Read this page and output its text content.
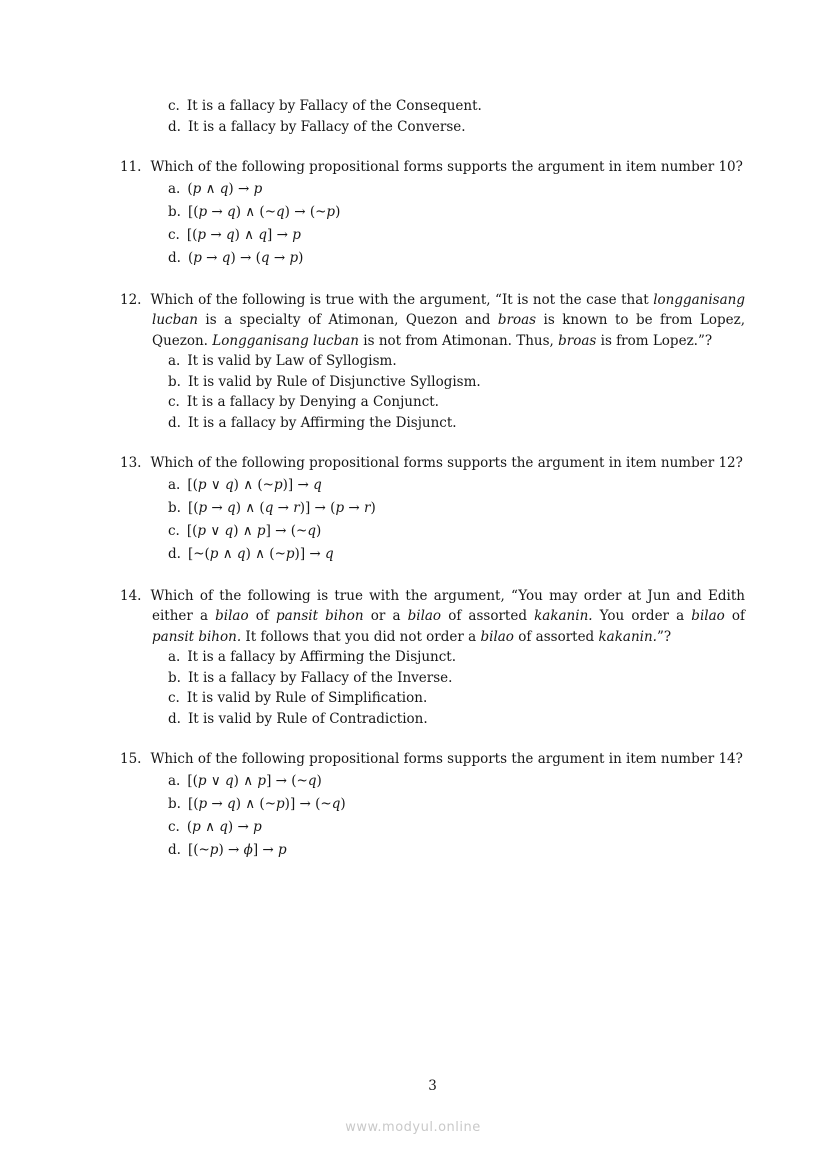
c. It is a fallacy by Fallacy of the Consequent.
d. It is a fallacy by Fallacy of the Converse.

11. Which of the following propositional forms supports the argument in item number 10?

a. (p ∧ q) → p
b. [(p → q) ∧ (~q) → (~p)
c. [(p → q) ∧ q] → p
d. (p → q) → (q → p)

12. Which of the following is true with the argument, “It is not the case that longganisang lucban is a specialty of Atimonan, Quezon and broas is known to be from Lopez, Quezon. Longganisang lucban is not from Atimonan. Thus, broas is from Lopez.”?

a. It is valid by Law of Syllogism.
b. It is valid by Rule of Disjunctive Syllogism.
c. It is a fallacy by Denying a Conjunct.
d. It is a fallacy by Affirming the Disjunct.

13. Which of the following propositional forms supports the argument in item number 12?

a. [(p ∨ q) ∧ (~p)] → q
b. [(p → q) ∧ (q → r)] → (p → r)
c. [(p ∨ q) ∧ p] → (~q)
d. [~(p ∧ q) ∧ (~p)] → q

14. Which of the following is true with the argument, “You may order at Jun and Edith either a bilao of pansit bihon or a bilao of assorted kakanin. You order a bilao of pansit bihon. It follows that you did not order a bilao of assorted kakanin.”?

a. It is a fallacy by Affirming the Disjunct.
b. It is a fallacy by Fallacy of the Inverse.
c. It is valid by Rule of Simplification.
d. It is valid by Rule of Contradiction.

15. Which of the following propositional forms supports the argument in item number 14?

a. [(p ∨ q) ∧ p] → (~q)
b. [(p → q) ∧ (~p)] → (~q)
c. (p ∧ q) → p
d. [(~p) → ϕ] → p
3
www.modyul.online
